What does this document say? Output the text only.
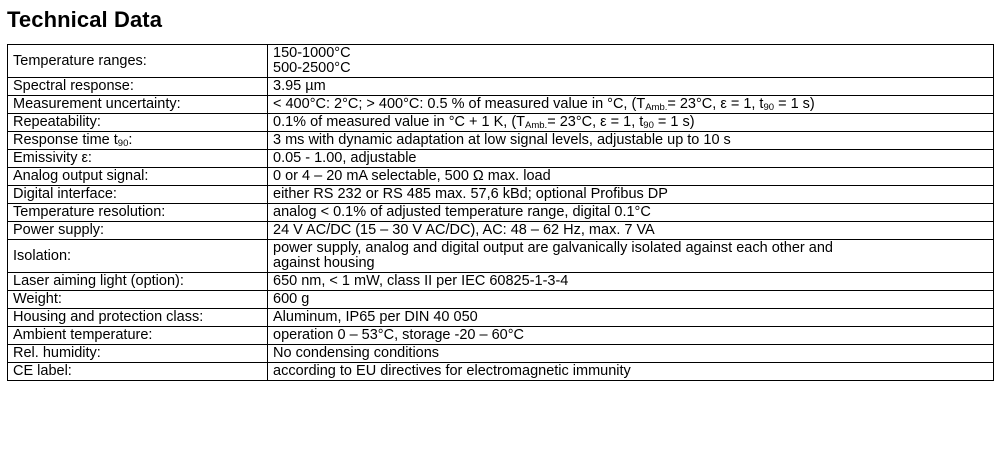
Technical Data
Temperature ranges:	150-1000°C
500-2500°C

Spectral response:	3.95 µm
Measurement uncertainty:	< 400°C: 2°C; > 400°C: 0.5 % of measured value in °C, ($T_{Amb.}= 23^\circ C$, ε = 1, $t_{90} = 1$ s)
Repeatability:	0.1% of measured value in °C + 1 K, ($T_{Amb.}= 23^\circ C$, ε = 1, $t_{90} = 1$ s)
Response time $t_{90}$:	3 ms with dynamic adaptation at low signal levels, adjustable up to 10 s
Emissivity ε:	0.05 - 1.00, adjustable
Analog output signal:	0 or 4 – 20 mA selectable, 500 Ω max. load
Digital interface:	either RS 232 or RS 485 max. 57,6 kBd; optional Profibus DP
Temperature resolution:	analog < 0.1% of adjusted temperature range, digital 0.1°C
Power supply:	24 V AC/DC (15 – 30 V AC/DC), AC: 48 – 62 Hz, max. 7 VA
Isolation:	power supply, analog and digital output are galvanically isolated against each other and
against housing

Laser aiming light (option):	650 nm, < 1 mW, class II per IEC 60825-1-3-4
Weight:	600 g
Housing and protection class:	Aluminum, IP65 per DIN 40 050
Ambient temperature:	operation 0 – 53°C, storage -20 – 60°C
Rel. humidity:	No condensing conditions
CE label:	according to EU directives for electromagnetic immunity
